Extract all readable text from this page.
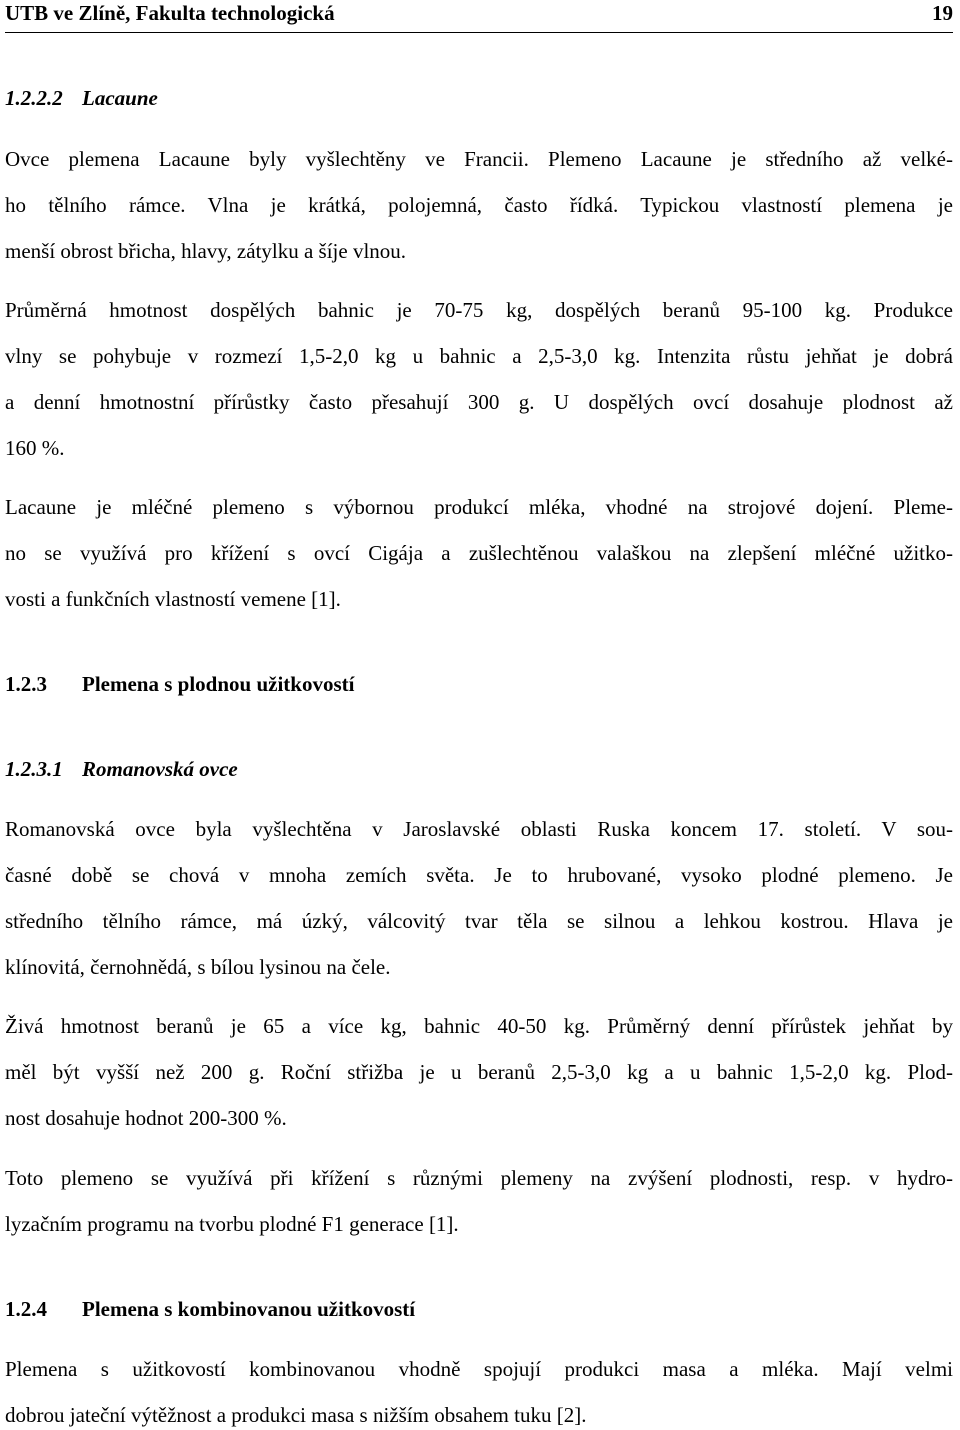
UTB ve Zlíně, Fakulta technologická	19
1.2.2.2 Lacaune
Ovce plemena Lacaune byly vyšlechtěny ve Francii. Plemeno Lacaune je středního až velké-
ho tělního rámce. Vlna je krátká, polojemná, často řídká. Typickou vlastností plemena je
menší obrost břicha, hlavy, zátylku a šíje vlnou.
Průměrná hmotnost dospělých bahnic je 70-75 kg, dospělých beranů 95-100 kg. Produkce
vlny se pohybuje v rozmezí 1,5-2,0 kg u bahnic a 2,5-3,0 kg. Intenzita růstu jehňat je dobrá
a denní hmotnostní přírůstky často přesahují 300 g. U dospělých ovcí dosahuje plodnost až
160 %.
Lacaune je mléčné plemeno s výbornou produkcí mléka, vhodné na strojové dojení. Pleme-
no se využívá pro křížení s ovcí Cigája a zušlechtěnou valaškou na zlepšení mléčné užitko-
vosti a funkčních vlastností vemene [1].
1.2.3 Plemena s plodnou užitkovostí
1.2.3.1 Romanovská ovce
Romanovská ovce byla vyšlechtěna v Jaroslavské oblasti Ruska koncem 17. století. V sou-
časné době se chová v mnoha zemích světa. Je to hrubované, vysoko plodné plemeno. Je
středního tělního rámce, má úzký, válcovitý tvar těla se silnou a lehkou kostrou. Hlava je
klínovitá, černohnědá, s bílou lysinou na čele.
Živá hmotnost beranů je 65 a více kg, bahnic 40-50 kg. Průměrný denní přírůstek jehňat by
měl být vyšší než 200 g. Roční střižba je u beranů 2,5-3,0 kg a u bahnic 1,5-2,0 kg. Plod-
nost dosahuje hodnot 200-300 %.
Toto plemeno se využívá při křížení s různými plemeny na zvýšení plodnosti, resp. v hydro-
lyzačním programu na tvorbu plodné F1 generace [1].
1.2.4 Plemena s kombinovanou užitkovostí
Plemena s užitkovostí kombinovanou vhodně spojují produkci masa a mléka. Mají velmi
dobrou jateční výtěžnost a produkci masa s nižším obsahem tuku [2].
